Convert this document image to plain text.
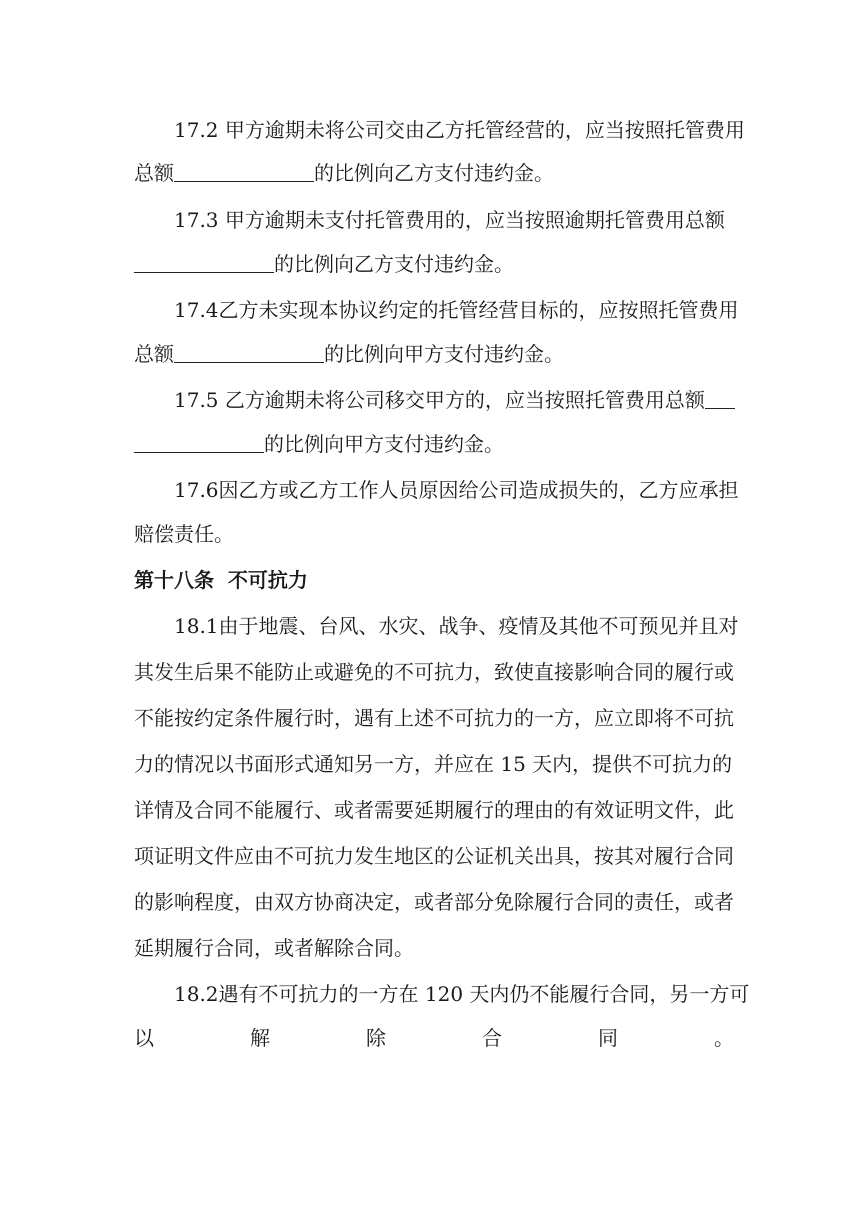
17.2 甲方逾期未将公司交由乙方托管经营的，应当按照托管费用
总额	的比例向乙方支付违约金。
17.3 甲方逾期未支付托管费用的，应当按照逾期托管费用总额
的比例向乙方支付违约金。
17.4乙方未实现本协议约定的托管经营目标的，应按照托管费用
总额	的比例向甲方支付违约金。
17.5 乙方逾期未将公司移交甲方的，应当按照托管费用总额
的比例向甲方支付违约金。
17.6因乙方或乙方工作人员原因给公司造成损失的，乙方应承担
赔偿责任。
第十八条  不可抗力
18.1由于地震、台风、水灾、战争、疫情及其他不可预见并且对
其发生后果不能防止或避免的不可抗力，致使直接影响合同的履行或
不能按约定条件履行时，遇有上述不可抗力的一方，应立即将不可抗
力的情况以书面形式通知另一方，并应在 15 天内，提供不可抗力的
详情及合同不能履行、或者需要延期履行的理由的有效证明文件，此
项证明文件应由不可抗力发生地区的公证机关出具，按其对履行合同
的影响程度，由双方协商决定，或者部分免除履行合同的责任，或者
延期履行合同，或者解除合同。
18.2遇有不可抗力的一方在 120 天内仍不能履行合同，另一方可
以	解	除	合	同	。
